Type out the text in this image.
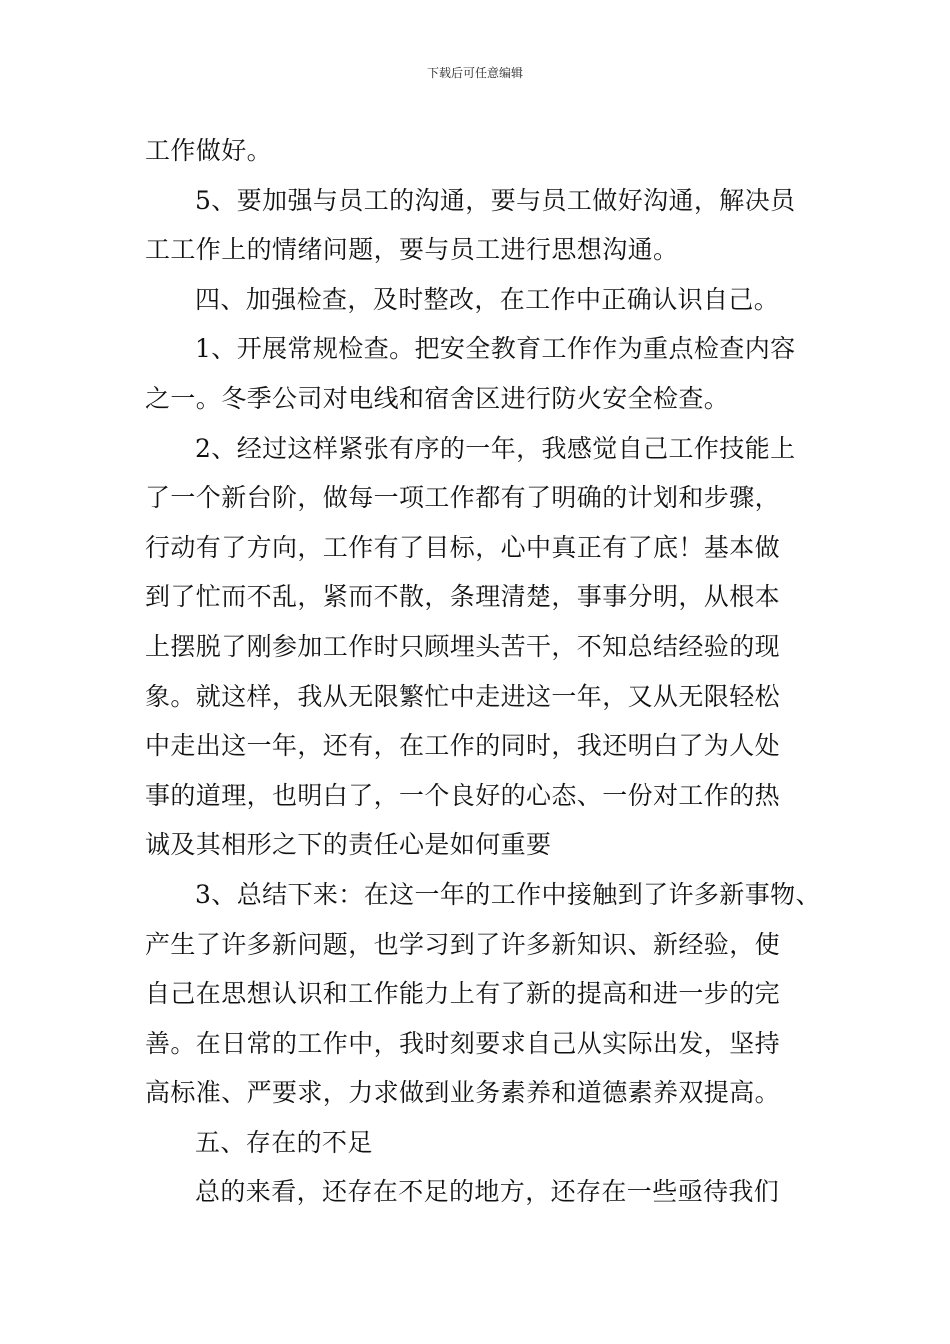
下载后可任意编辑
工作做好。
5、要加强与员工的沟通，要与员工做好沟通，解决员
工工作上的情绪问题，要与员工进行思想沟通。
四、加强检查，及时整改，在工作中正确认识自己。
1、开展常规检查。把安全教育工作作为重点检查内容
之一。冬季公司对电线和宿舍区进行防火安全检查。
2、经过这样紧张有序的一年，我感觉自己工作技能上
了一个新台阶，做每一项工作都有了明确的计划和步骤，
行动有了方向，工作有了目标，心中真正有了底！基本做
到了忙而不乱，紧而不散，条理清楚，事事分明，从根本
上摆脱了刚参加工作时只顾埋头苦干，不知总结经验的现
象。就这样，我从无限繁忙中走进这一年，又从无限轻松
中走出这一年，还有，在工作的同时，我还明白了为人处
事的道理，也明白了，一个良好的心态、一份对工作的热
诚及其相形之下的责任心是如何重要
3、总结下来：在这一年的工作中接触到了许多新事物、
产生了许多新问题，也学习到了许多新知识、新经验，使
自己在思想认识和工作能力上有了新的提高和进一步的完
善。在日常的工作中，我时刻要求自己从实际出发，坚持
高标准、严要求，力求做到业务素养和道德素养双提高。
五、存在的不足
总的来看，还存在不足的地方，还存在一些亟待我们
